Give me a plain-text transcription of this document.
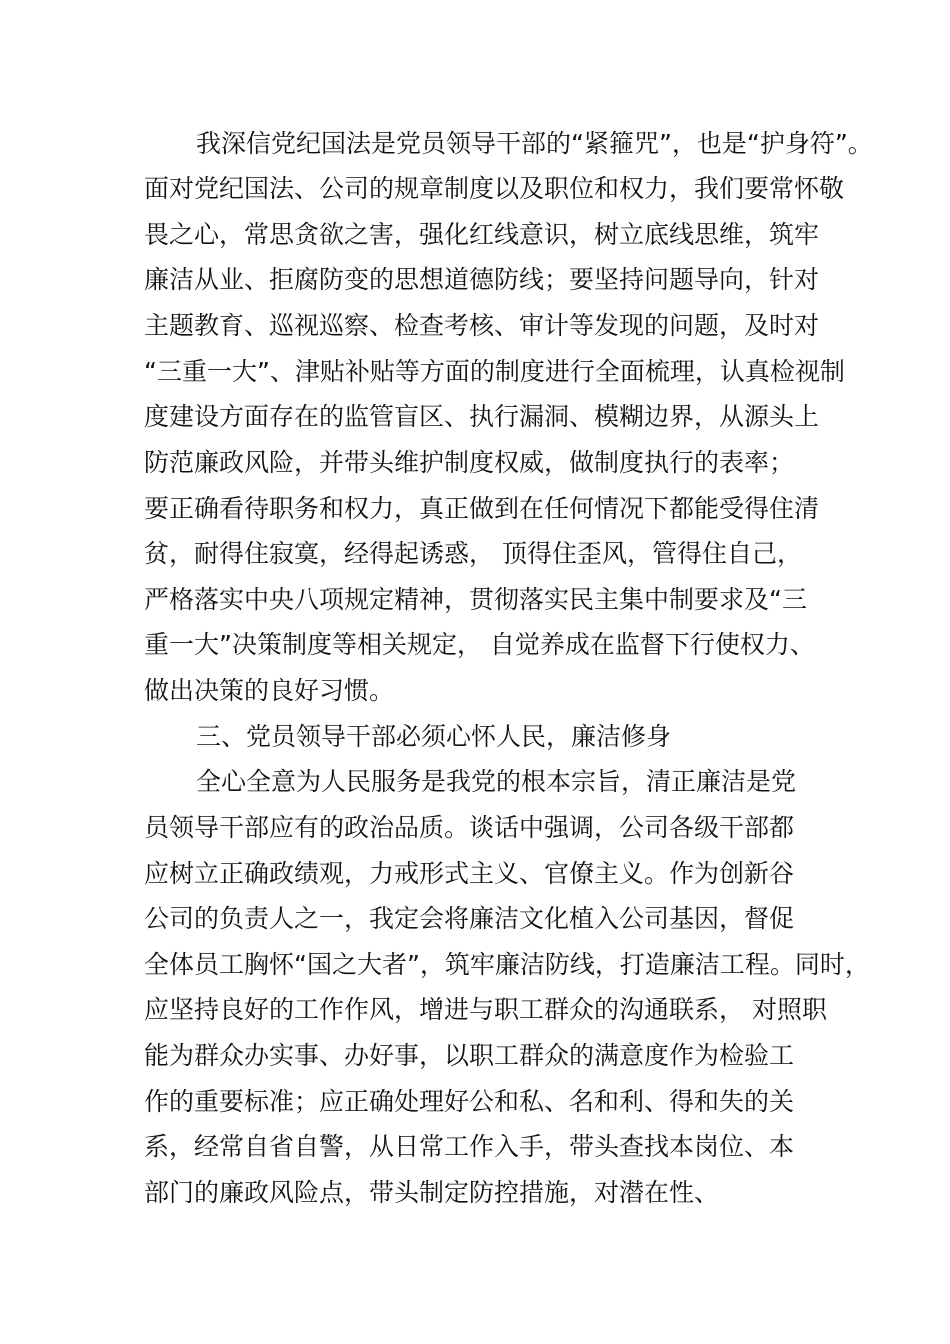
我深信党纪国法是党员领导干部的“紧箍咒”，也是“护身符”。
面对党纪国法、公司的规章制度以及职位和权力，我们要常怀敬
畏之心，常思贪欲之害，强化红线意识，树立底线思维，筑牢
廉洁从业、拒腐防变的思想道德防线；要坚持问题导向，针对
主题教育、巡视巡察、检查考核、审计等发现的问题，及时对
“三重一大”、津贴补贴等方面的制度进行全面梳理，认真检视制
度建设方面存在的监管盲区、执行漏洞、模糊边界，从源头上
防范廉政风险，并带头维护制度权威，做制度执行的表率；
要正确看待职务和权力，真正做到在任何情况下都能受得住清
贫，耐得住寂寞，经得起诱惑， 顶得住歪风，管得住自己，
严格落实中央八项规定精神，贯彻落实民主集中制要求及“三
重一大”决策制度等相关规定， 自觉养成在监督下行使权力、
做出决策的良好习惯。
三、党员领导干部必须心怀人民，廉洁修身
全心全意为人民服务是我党的根本宗旨，清正廉洁是党
员领导干部应有的政治品质。谈话中强调，公司各级干部都
应树立正确政绩观，力戒形式主义、官僚主义。作为创新谷
公司的负责人之一，我定会将廉洁文化植入公司基因，督促
全体员工胸怀“国之大者”，筑牢廉洁防线，打造廉洁工程。同时，
应坚持良好的工作作风，增进与职工群众的沟通联系， 对照职
能为群众办实事、办好事，以职工群众的满意度作为检验工
作的重要标准；应正确处理好公和私、名和利、得和失的关
系，经常自省自警，从日常工作入手，带头查找本岗位、本
部门的廉政风险点，带头制定防控措施，对潜在性、
